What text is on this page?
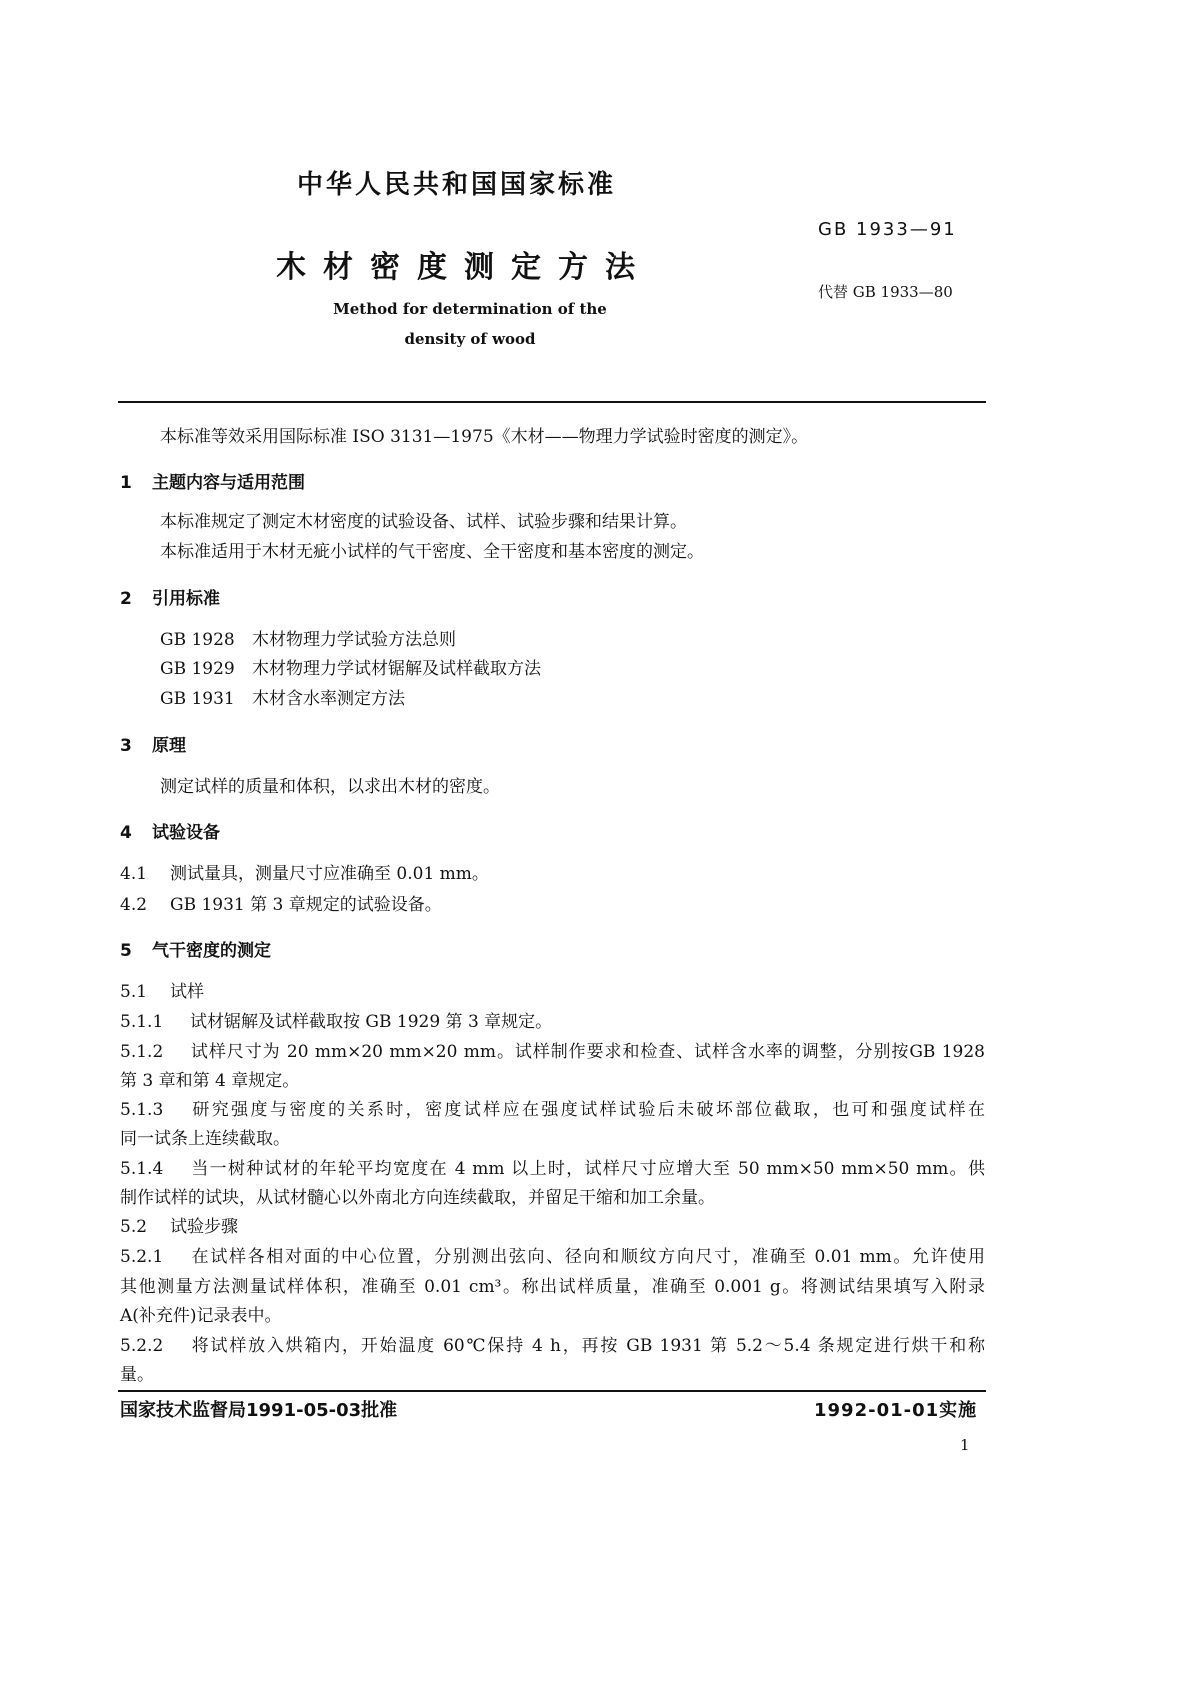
中华人民共和国国家标准
GB 1933—91
木材密度测定方法
代替 GB 1933—80
Method for determination of the
density of wood
本标准等效采用国际标准 ISO 3131—1975《木材——物理力学试验时密度的测定》。
1 主题内容与适用范围
本标准规定了测定木材密度的试验设备、试样、试验步骤和结果计算。
本标准适用于木材无疵小试样的气干密度、全干密度和基本密度的测定。
2 引用标准
GB 1928 木材物理力学试验方法总则
GB 1929 木材物理力学试材锯解及试样截取方法
GB 1931 木材含水率测定方法
3 原理
测定试样的质量和体积，以求出木材的密度。
4 试验设备
4.1 测试量具，测量尺寸应准确至 0.01 mm。
4.2 GB 1931 第 3 章规定的试验设备。
5 气干密度的测定
5.1 试样
5.1.1 试材锯解及试样截取按 GB 1929 第 3 章规定。
5.1.2 试样尺寸为 20 mm×20 mm×20 mm。试样制作要求和检查、试样含水率的调整，分别按GB 1928
第 3 章和第 4 章规定。
5.1.3 研究强度与密度的关系时，密度试样应在强度试样试验后未破坏部位截取，也可和强度试样在
同一试条上连续截取。
5.1.4 当一树种试材的年轮平均宽度在 4 mm 以上时，试样尺寸应增大至 50 mm×50 mm×50 mm。供
制作试样的试块，从试材髓心以外南北方向连续截取，并留足干缩和加工余量。
5.2 试验步骤
5.2.1 在试样各相对面的中心位置，分别测出弦向、径向和顺纹方向尺寸，准确至 0.01 mm。允许使用
其他测量方法测量试样体积，准确至 0.01 cm³。称出试样质量，准确至 0.001 g。将测试结果填写入附录
A(补充件)记录表中。
5.2.2 将试样放入烘箱内，开始温度 60℃保持 4 h，再按 GB 1931 第 5.2～5.4 条规定进行烘干和称
量。
国家技术监督局1991-05-03批准	1992-01-01实施
1
